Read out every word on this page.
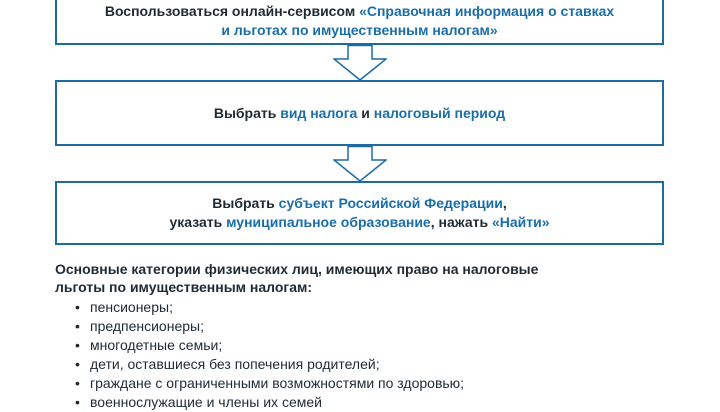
Воспользоваться онлайн-сервисом «Справочная информация о ставках
и льготах по имущественным налогам»
Выбрать вид налога и налоговый период
Выбрать субъект Российской Федерации,
указать муниципальное образование, нажать «Найти»

Основные категории физических лиц, имеющих право на налоговые
льготы по имущественным налогам:

• пенсионеры;
• предпенсионеры;
• многодетные семьи;
• дети, оставшиеся без попечения родителей;
• граждане с ограниченными возможностями по здоровью;
• военнослужащие и члены их семей
